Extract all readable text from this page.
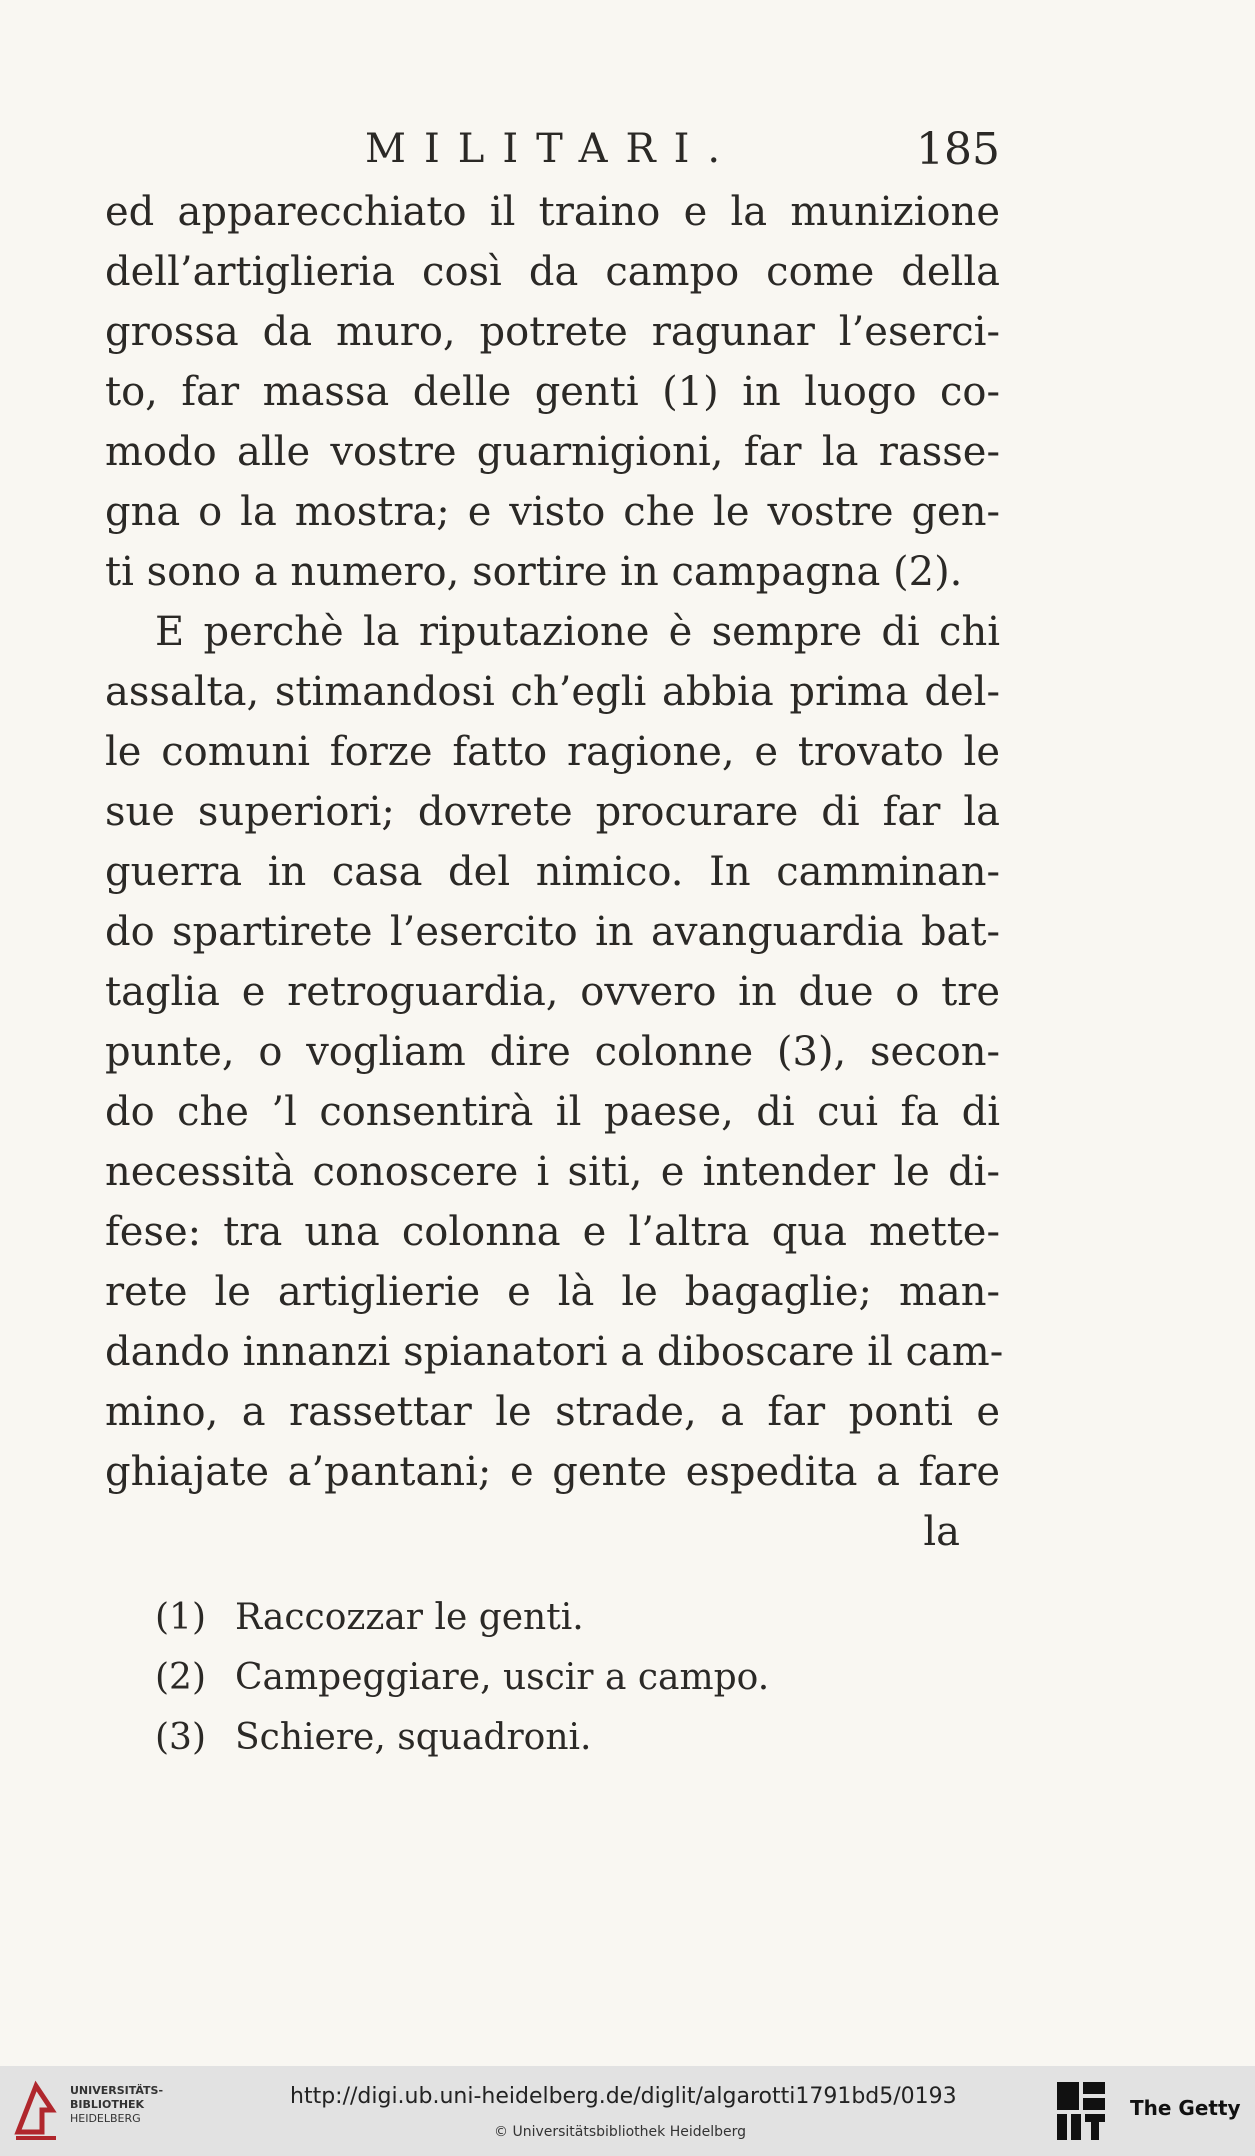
MILITARI.	185
ed apparecchiato il traino e la munizione
dell’artiglieria così da campo come della
grossa da muro, potrete ragunar l’eserci-
to, far massa delle genti (1) in luogo co-
modo alle vostre guarnigioni, far la rasse-
gna o la mostra; e visto che le vostre gen-
ti sono a numero, sortire in campagna (2).
E perchè la riputazione è sempre di chi
assalta, stimandosi ch’egli abbia prima del-
le comuni forze fatto ragione, e trovato le
sue superiori; dovrete procurare di far la
guerra in casa del nimico. In camminan-
do spartirete l’esercito in avanguardia bat-
taglia e retroguardia, ovvero in due o tre
punte, o vogliam dire colonne (3), secon-
do che ’l consentirà il paese, di cui fa di
necessità conoscere i siti, e intender le di-
fese: tra una colonna e l’altra qua mette-
rete le artiglierie e là le bagaglie; man-
dando innanzi spianatori a diboscare il cam-
mino, a rassettar le strade, a far ponti e
ghiajate a’pantani; e gente espedita a fare
la
(1) Raccozzar le genti.
(2) Campeggiare, uscir a campo.
(3) Schiere, squadroni.
UNIVERSITÄTS-
BIBLIOTHEK
HEIDELBERG
http://digi.ub.uni-heidelberg.de/diglit/algarotti1791bd5/0193
© Universitätsbibliothek Heidelberg
The Getty
